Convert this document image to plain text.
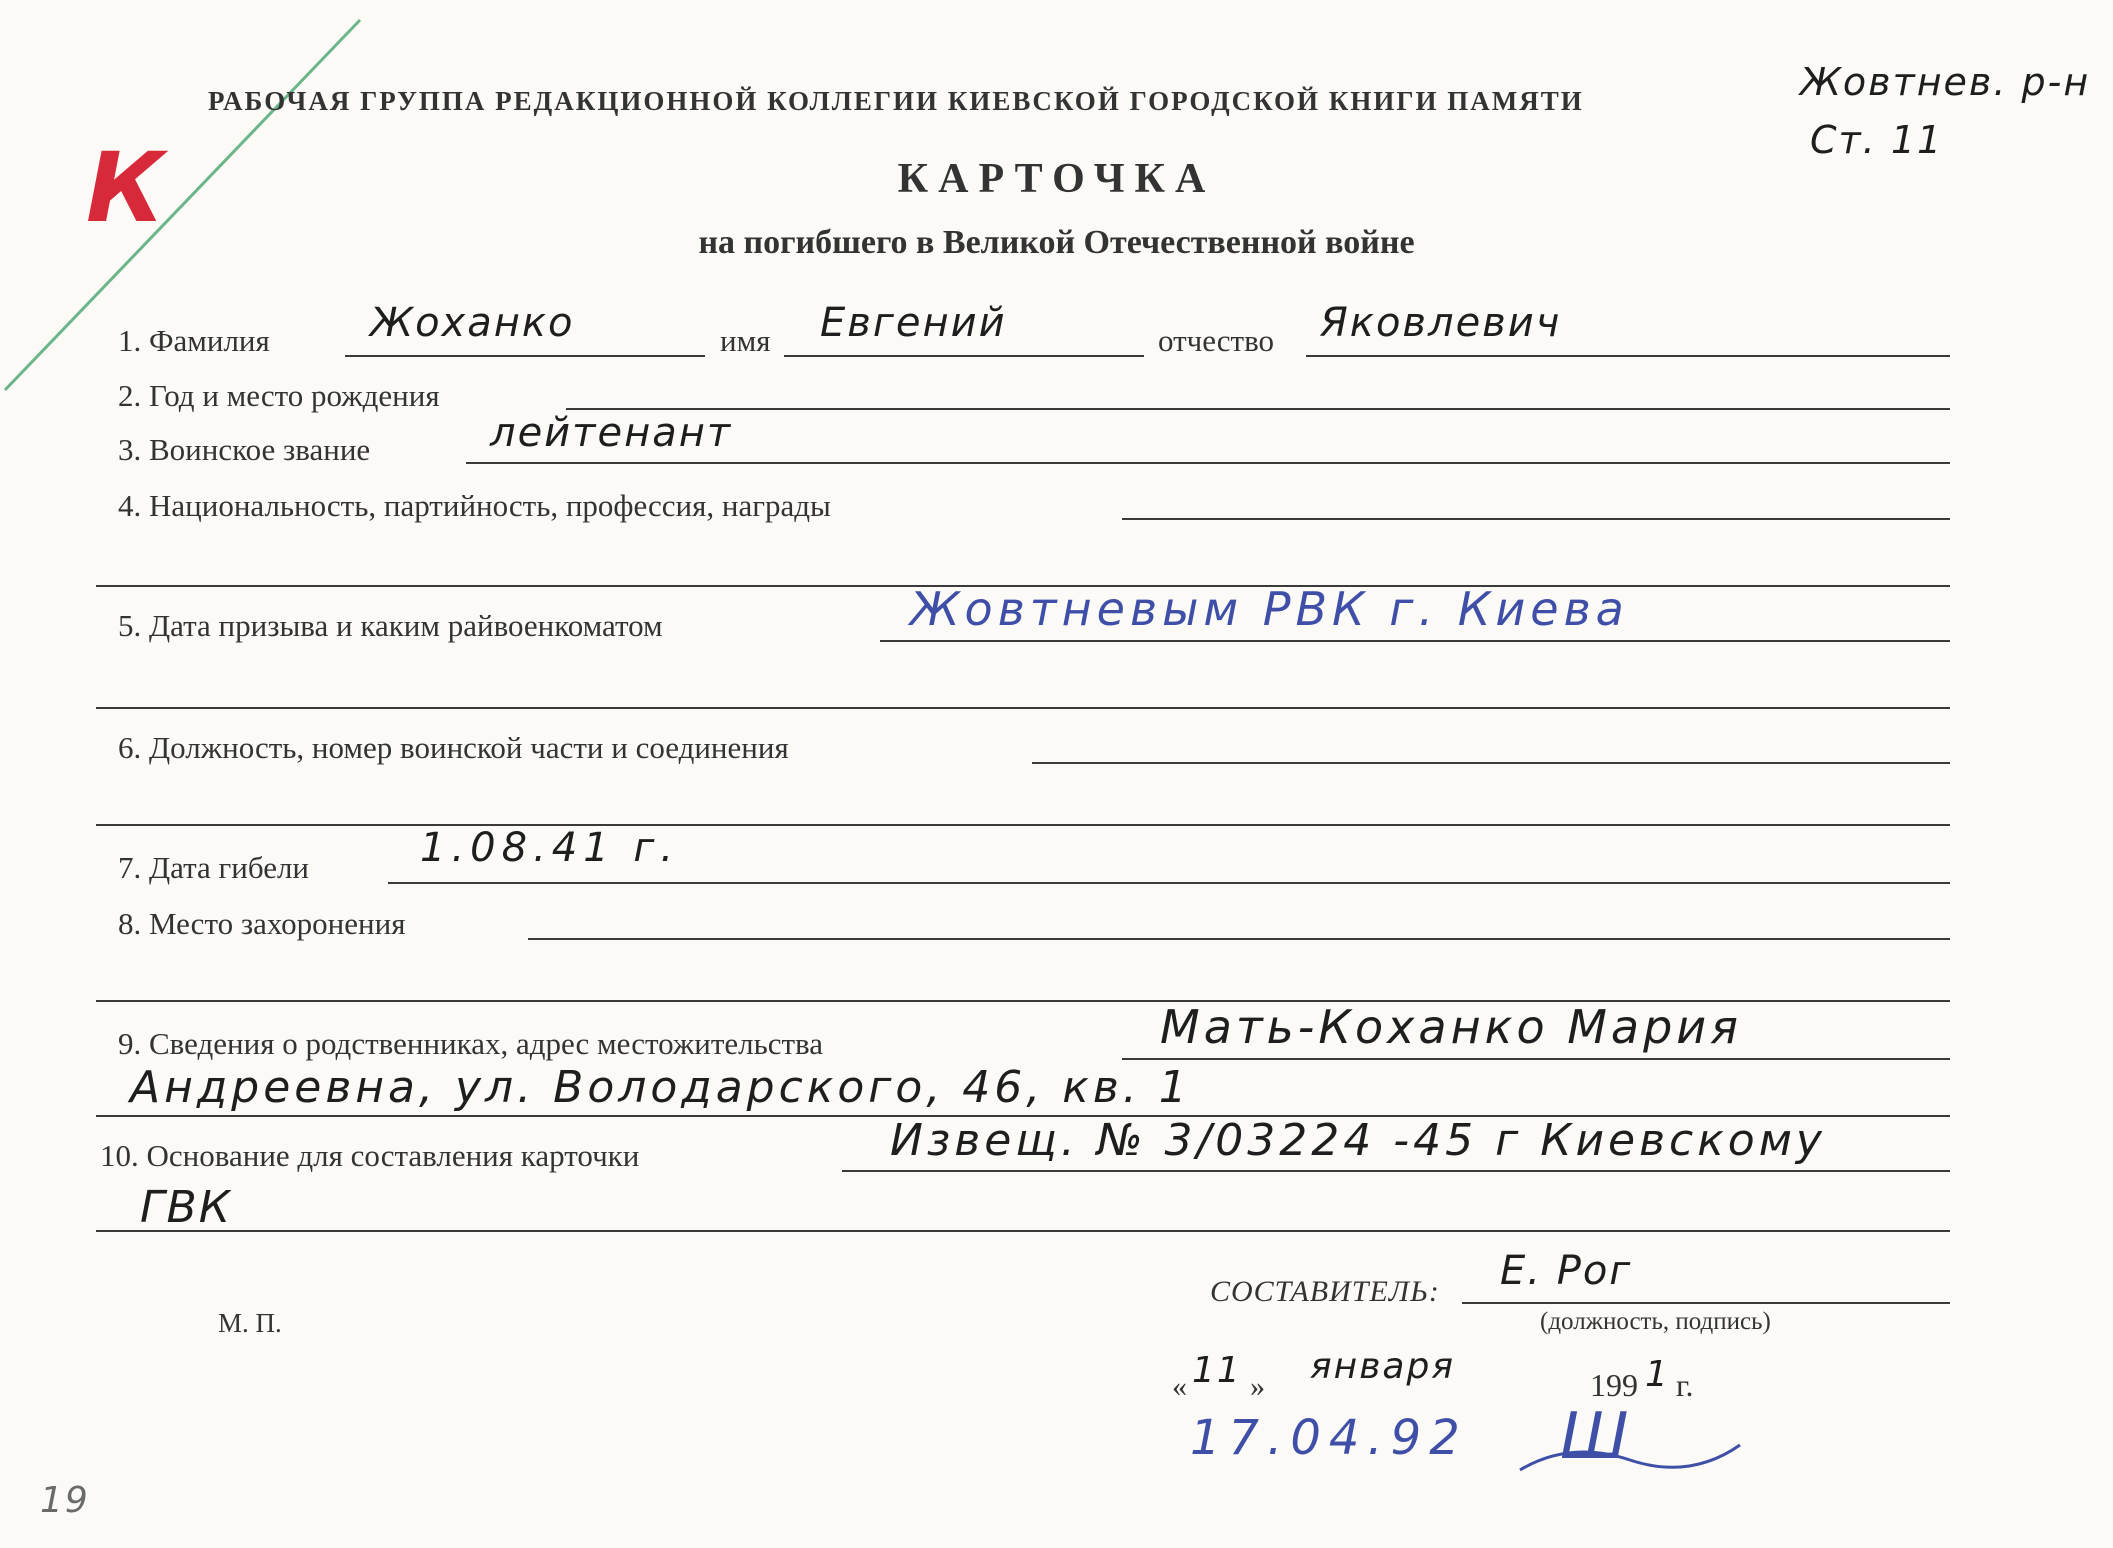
К
РАБОЧАЯ ГРУППА РЕДАКЦИОННОЙ КОЛЛЕГИИ КИЕВСКОЙ ГОРОДСКОЙ КНИГИ ПАМЯТИ	Жовтнев. р-н
Ст. 11
КАРТОЧКА
на погибшего в Великой Отечественной войне
1. Фамилия	Жоханко	имя Евгений	отчество Яковлевич
2. Год и место рождения
3. Воинское звание	лейтенант
4. Национальность, партийность, профессия, награды
5. Дата призыва и каким райвоенкоматом	Жовтневым РВК г. Киева
6. Должность, номер воинской части и соединения
7. Дата гибели	1.08.41 г.
8. Место захоронения
9. Сведения о родственниках, адрес местожительства	Мать-Коханко Мария
Андреевна, ул. Володарского, 46, кв. 1
10. Основание для составления карточки	Извещ. № 3/03224 -45 г Киевскому
ГВК
СОСТАВИТЕЛЬ: Е. Рог
(должность, подпись)
М. П.
« 11 » января	199 1 г.
17.04.92 Ш
19
